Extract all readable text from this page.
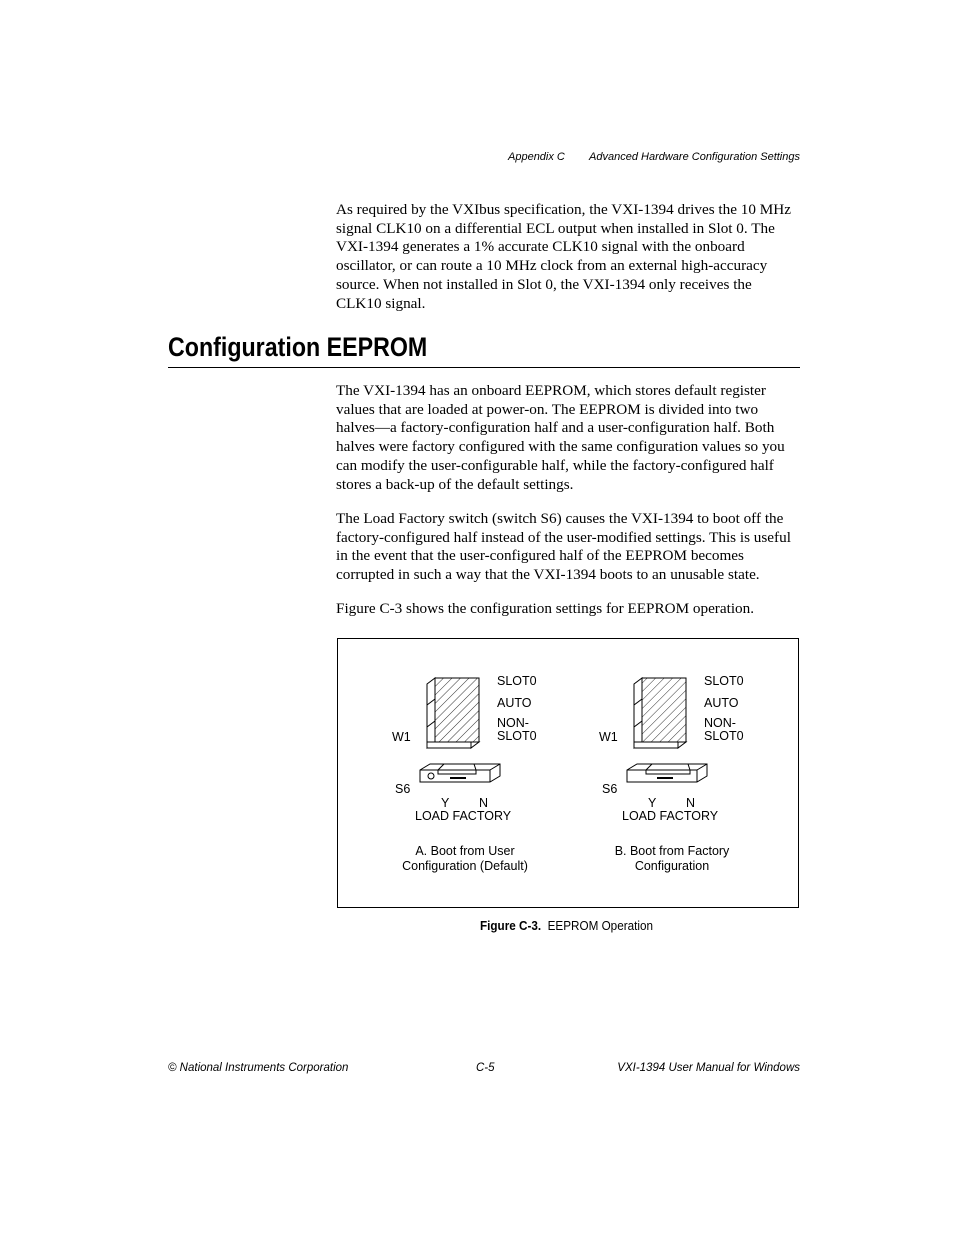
Appendix C Advanced Hardware Configuration Settings

As required by the VXIbus specification, the VXI-1394 drives the 10 MHz signal CLK10 on a differential ECL output when installed in Slot 0. The VXI-1394 generates a 1% accurate CLK10 signal with the onboard oscillator, or can route a 10 MHz clock from an external high-accuracy source. When not installed in Slot 0, the VXI-1394 only receives the CLK10 signal.

Configuration EEPROM

The VXI-1394 has an onboard EEPROM, which stores default register values that are loaded at power-on. The EEPROM is divided into two halves—a factory-configuration half and a user-configuration half. Both halves were factory configured with the same configuration values so you can modify the user-configurable half, while the factory-configured half stores a back-up of the default settings.

The Load Factory switch (switch S6) causes the VXI-1394 to boot off the factory-configured half instead of the user-modified settings. This is useful in the event that the user-configured half of the EEPROM becomes corrupted in such a way that the VXI-1394 boots to an unusable state.

Figure C-3 shows the configuration settings for EEPROM operation.

SLOT0
AUTO
NON-
SLOT0
W1
S6
Y N
LOAD FACTORY
A. Boot from User
Configuration (Default)
SLOT0
AUTO
NON-
SLOT0
W1
S6
Y N
LOAD FACTORY
B. Boot from Factory
Configuration
Figure C-3. EEPROM Operation
© National Instruments Corporation	C-5	VXI-1394 User Manual for Windows
